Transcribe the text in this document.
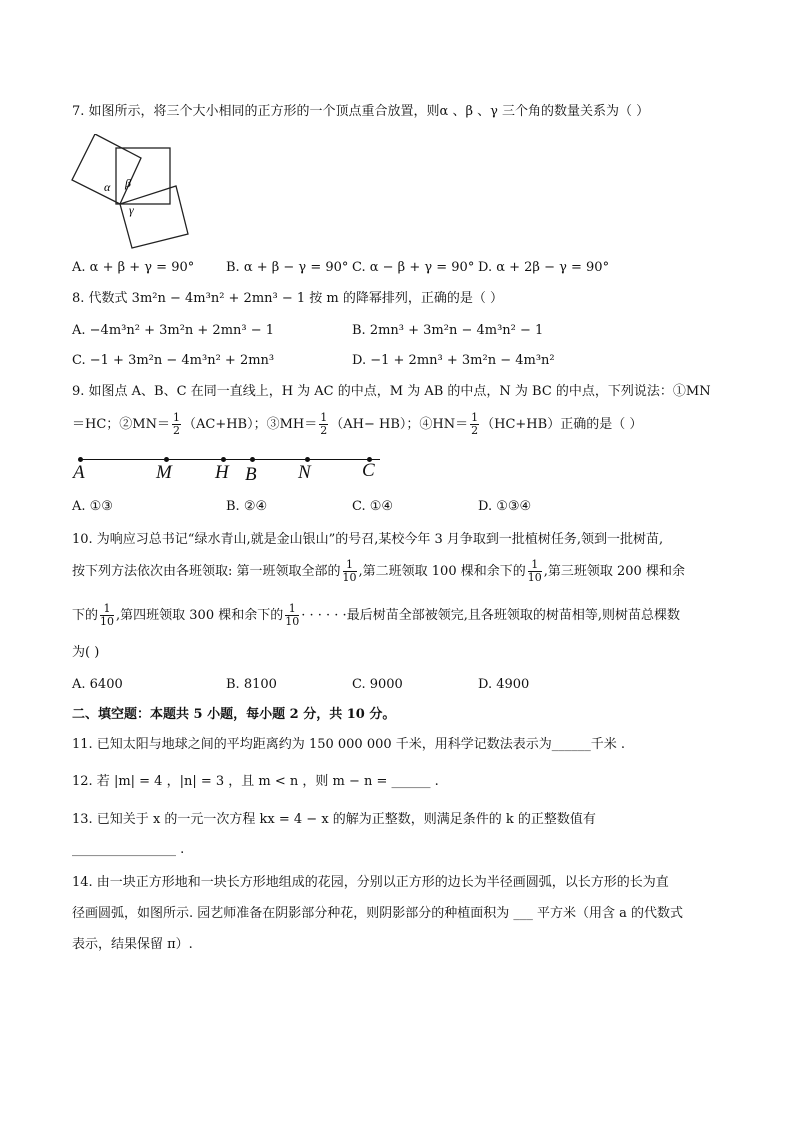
7. 如图所示，将三个大小相同的正方形的一个顶点重合放置，则α 、β 、γ 三个角的数量关系为（ ）
α β
γ
A. α + β + γ = 90° B. α + β − γ = 90° C. α − β + γ = 90° D. α + 2β − γ = 90°
8. 代数式 3m²n − 4m³n² + 2mn³ − 1 按 m 的降幂排列，正确的是（ ）
A. −4m³n² + 3m²n + 2mn³ − 1	B. 2mn³ + 3m²n − 4m³n² − 1
C. −1 + 3m²n − 4m³n² + 2mn³	D. −1 + 2mn³ + 3m²n − 4m³n²
9. 如图点 A、B、C 在同一直线上，H 为 AC 的中点，M 为 AB 的中点，N 为 BC 的中点，下列说法：①MN
＝HC；②MN＝ $\frac{1}{2} (AC+HB)$；③MH＝ $\frac{1}{2} (AH- HB)$；④HN＝ $\frac{1}{2} (HC+HB)$正确的是（ ）
A	M H B N	C
A. ①③	B. ②④	C. ①④	D. ①③④
10. 为响应习总书记“绿水青山,就是金山银山”的号召,某校今年 3 月争取到一批植树任务,领到一批树苗,
按下列方法依次由各班领取: 第一班领取全部的 $\frac{1}{10}$ ,第二班领取 100 棵和余下的 $\frac{1}{10}$ ,第三班领取 200 棵和余
下的 $\frac{1}{10}$ ,第四班领取 300 棵和余下的 $\frac{1}{10}$ · · · · · ·最后树苗全部被领完,且各班领取的树苗相等,则树苗总棵数
为( )
A. 6400	B. 8100	C. 9000	D. 4900
二、填空题：本题共 5 小题，每小题 2 分，共 10 分。
11. 已知太阳与地球之间的平均距离约为 150 000 000 千米，用科学记数法表示为______千米 .
12. 若 |m| = 4 ，|n| = 3 ，且 m < n ，则 m − n = ______ .
13. 已知关于 x 的一元一次方程 kx = 4 − x 的解为正整数，则满足条件的 k 的正整数值有
________________ .
14. 由一块正方形地和一块长方形地组成的花园，分别以正方形的边长为半径画圆弧，以长方形的长为直
径画圆弧，如图所示. 园艺师准备在阴影部分种花，则阴影部分的种植面积为 ___ 平方米（用含 a 的代数式
表示，结果保留 π）.
